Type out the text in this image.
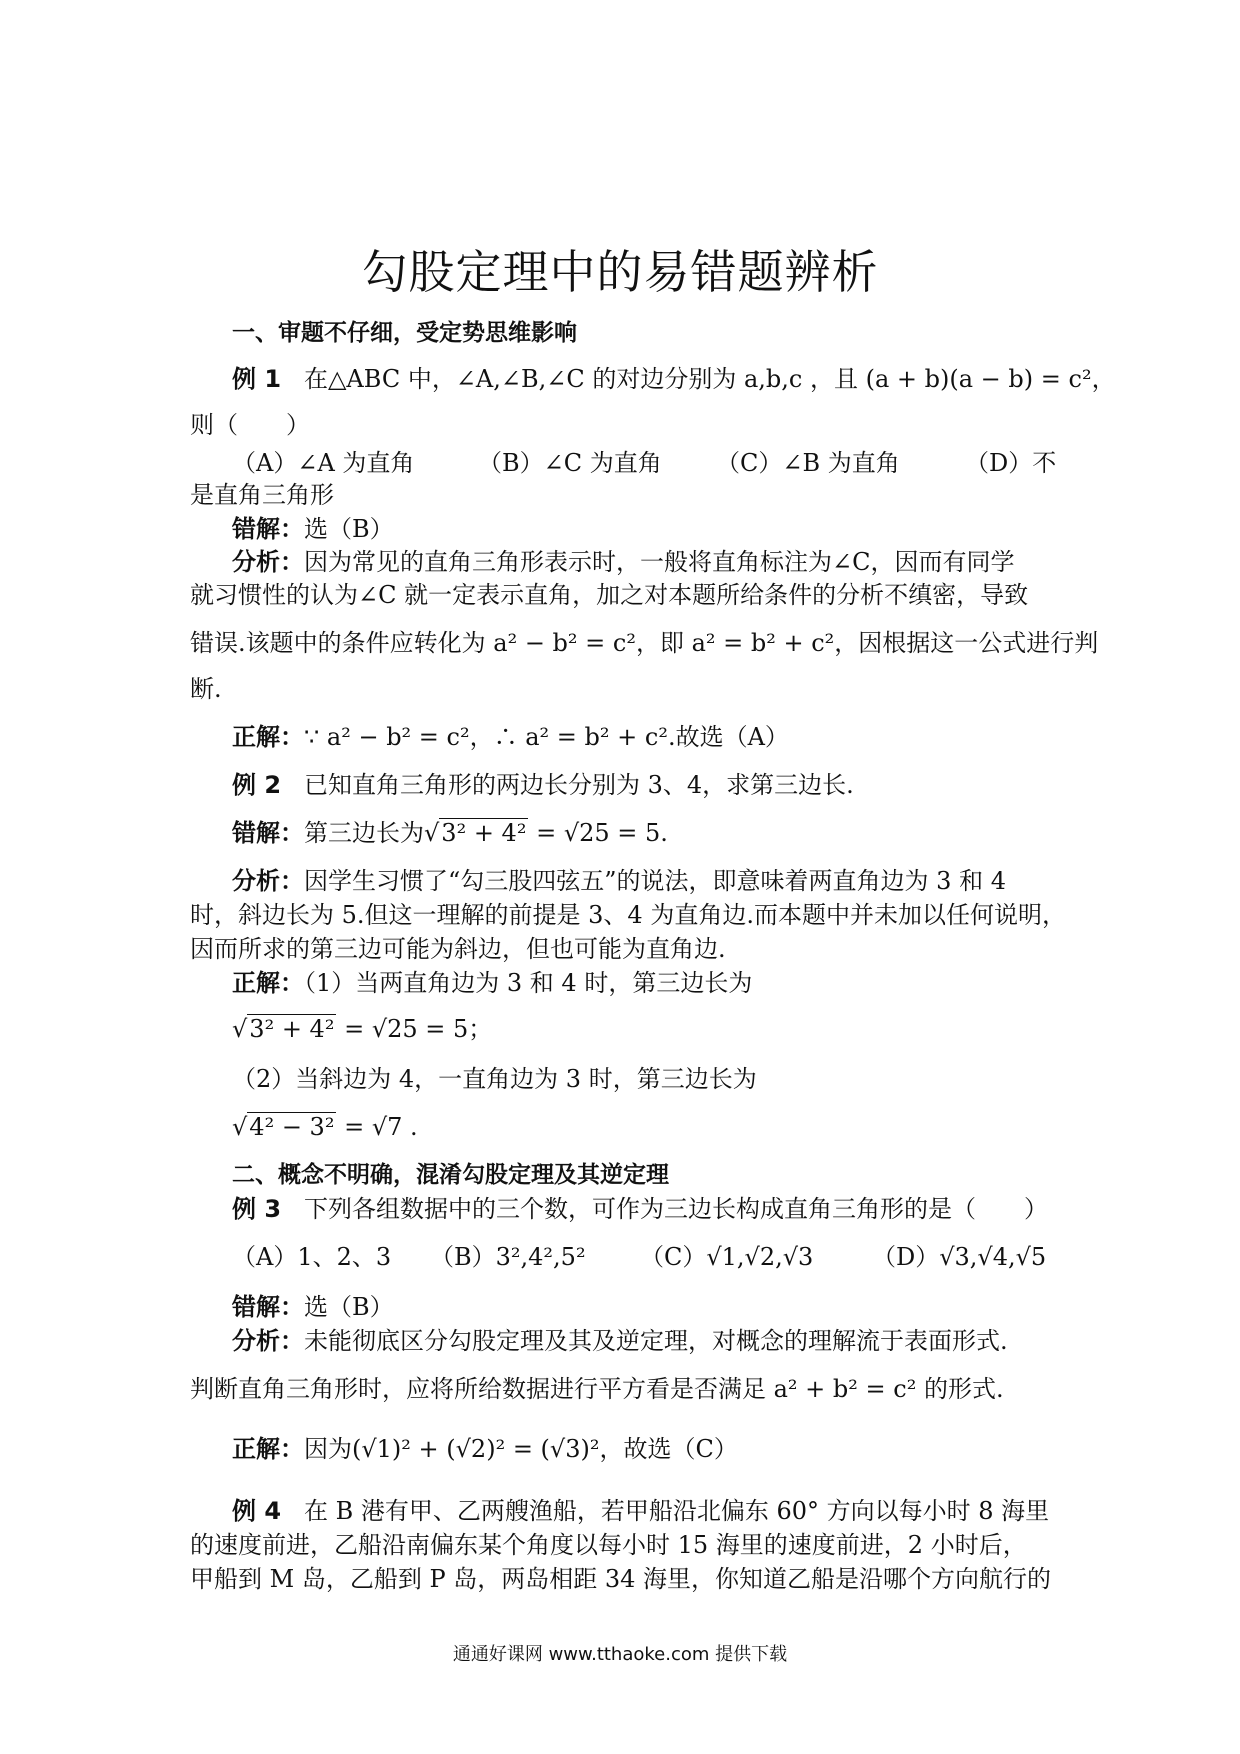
勾股定理中的易错题辨析
一、审题不仔细，受定势思维影响
例 1 在△ABC 中，∠A,∠B,∠C 的对边分别为 a,b,c ，且 (a + b)(a − b) = c²，
则（　　）
（A）∠A 为直角	（B）∠C 为直角 （C）∠B 为直角	（D）不
是直角三角形
错解：选（B）
分析：因为常见的直角三角形表示时，一般将直角标注为∠C，因而有同学
就习惯性的认为∠C 就一定表示直角，加之对本题所给条件的分析不缜密，导致
错误.该题中的条件应转化为 a² − b² = c²，即 a² = b² + c²，因根据这一公式进行判
断.
正解：∵ a² − b² = c²，∴ a² = b² + c².故选（A）
例 2 已知直角三角形的两边长分别为 3、4，求第三边长.
错解：第三边长为√3² + 4² = √25 = 5.
分析：因学生习惯了“勾三股四弦五”的说法，即意味着两直角边为 3 和 4
时，斜边长为 5.但这一理解的前提是 3、4 为直角边.而本题中并未加以任何说明，
因而所求的第三边可能为斜边，但也可能为直角边.
正解：（1）当两直角边为 3 和 4 时，第三边长为
√3² + 4² = √25 = 5；
（2）当斜边为 4，一直角边为 3 时，第三边长为
√4² − 3² = √7 .
二、概念不明确，混淆勾股定理及其逆定理
例 3 下列各组数据中的三个数，可作为三边长构成直角三角形的是（　　）
（A）1、2、3 （B）3²,4²,5² （C）√1,√2,√3 （D）√3,√4,√5
错解：选（B）
分析：未能彻底区分勾股定理及其及逆定理，对概念的理解流于表面形式.
判断直角三角形时，应将所给数据进行平方看是否满足 a² + b² = c² 的形式.
正解：因为(√1)² + (√2)² = (√3)²，故选（C）
例 4 在 B 港有甲、乙两艘渔船，若甲船沿北偏东 60° 方向以每小时 8 海里
的速度前进，乙船沿南偏东某个角度以每小时 15 海里的速度前进，2 小时后，
甲船到 M 岛，乙船到 P 岛，两岛相距 34 海里，你知道乙船是沿哪个方向航行的
通通好课网 www.tthaoke.com 提供下载
